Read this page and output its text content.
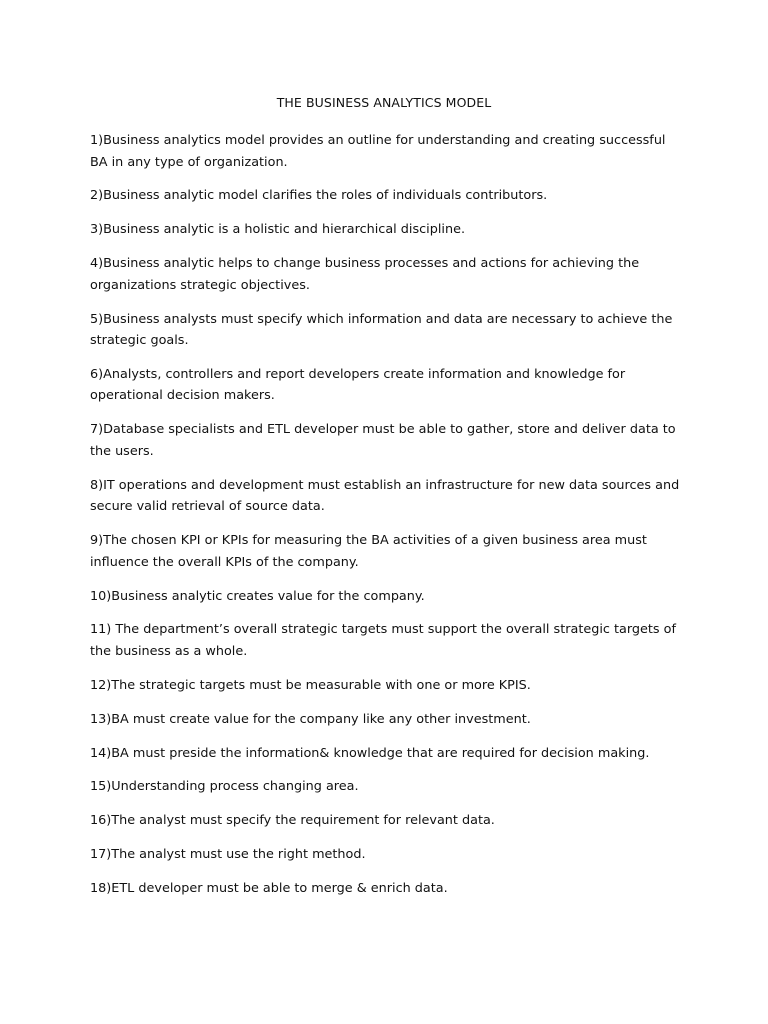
THE BUSINESS ANALYTICS MODEL

1)Business analytics model provides an outline for understanding and creating successful BA in any type of organization.

2)Business analytic model clarifies the roles of individuals contributors.

3)Business analytic is a holistic and hierarchical discipline.

4)Business analytic helps to change business processes and actions for achieving the organizations strategic objectives.

5)Business analysts must specify which information and data are necessary to achieve the strategic goals.

6)Analysts, controllers and report developers create information and knowledge for operational decision makers.

7)Database specialists and ETL developer must be able to gather, store and deliver data to the users.

8)IT operations and development must establish an infrastructure for new data sources and secure valid retrieval of source data.

9)The chosen KPI or KPIs for measuring the BA activities of a given business area must influence the overall KPIs of the company.

10)Business analytic creates value for the company.

11) The department’s overall strategic targets must support the overall strategic targets of the business as a whole.

12)The strategic targets must be measurable with one or more KPIS.

13)BA must create value for the company like any other investment.

14)BA must preside the information& knowledge that are required for decision making.

15)Understanding process changing area.

16)The analyst must specify the requirement for relevant data.

17)The analyst must use the right method.

18)ETL developer must be able to merge & enrich data.
